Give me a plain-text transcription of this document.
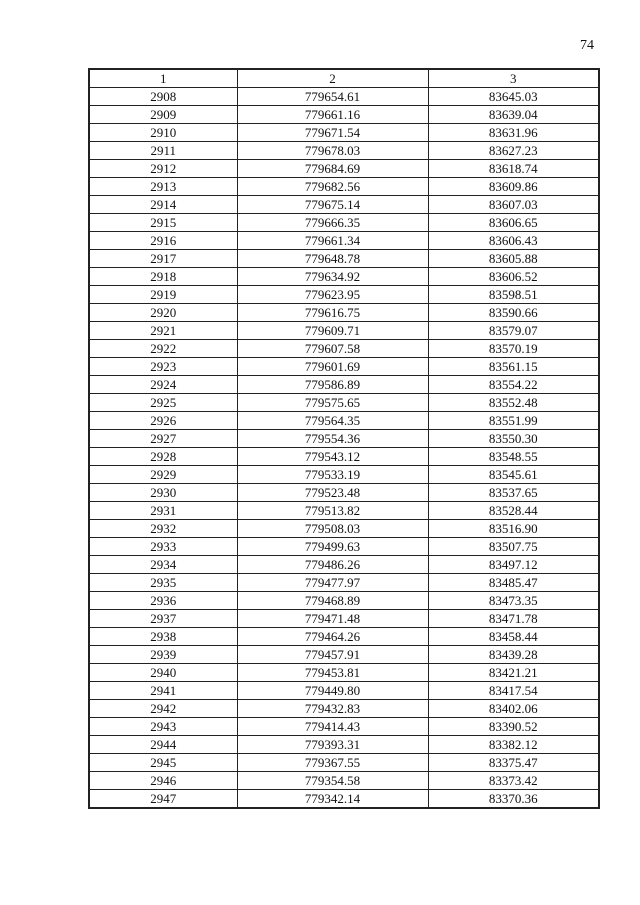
74
1	2	3
2908	779654.61	83645.03
2909	779661.16	83639.04
2910	779671.54	83631.96
2911	779678.03	83627.23
2912	779684.69	83618.74
2913	779682.56	83609.86
2914	779675.14	83607.03
2915	779666.35	83606.65
2916	779661.34	83606.43
2917	779648.78	83605.88
2918	779634.92	83606.52
2919	779623.95	83598.51
2920	779616.75	83590.66
2921	779609.71	83579.07
2922	779607.58	83570.19
2923	779601.69	83561.15
2924	779586.89	83554.22
2925	779575.65	83552.48
2926	779564.35	83551.99
2927	779554.36	83550.30
2928	779543.12	83548.55
2929	779533.19	83545.61
2930	779523.48	83537.65
2931	779513.82	83528.44
2932	779508.03	83516.90
2933	779499.63	83507.75
2934	779486.26	83497.12
2935	779477.97	83485.47
2936	779468.89	83473.35
2937	779471.48	83471.78
2938	779464.26	83458.44
2939	779457.91	83439.28
2940	779453.81	83421.21
2941	779449.80	83417.54
2942	779432.83	83402.06
2943	779414.43	83390.52
2944	779393.31	83382.12
2945	779367.55	83375.47
2946	779354.58	83373.42
2947	779342.14	83370.36
